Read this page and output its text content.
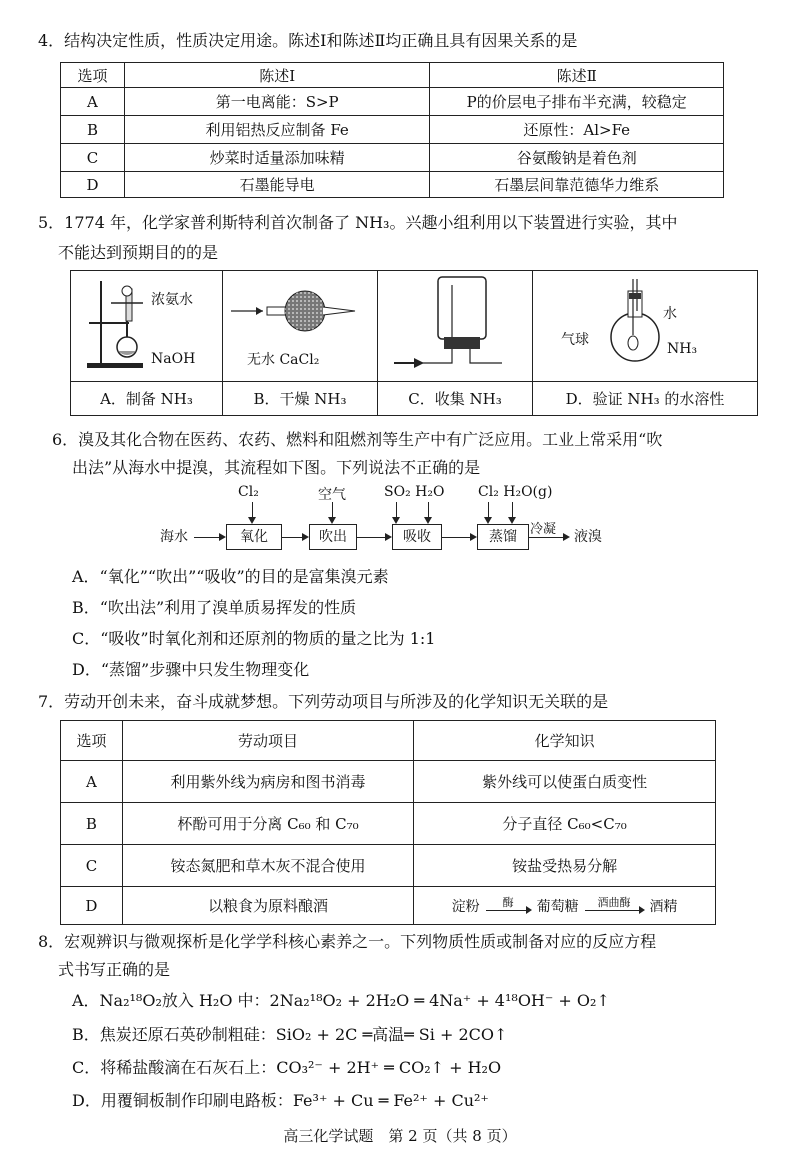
4．结构决定性质，性质决定用途。陈述Ⅰ和陈述Ⅱ均正确且具有因果关系的是
选项	陈述Ⅰ	陈述Ⅱ
A	第一电离能：S>P	P的价层电子排布半充满，较稳定
B	利用铝热反应制备 Fe	还原性：Al>Fe
C	炒菜时适量添加味精	谷氨酸钠是着色剂
D	石墨能导电	石墨层间靠范德华力维系
5．1774 年，化学家普利斯特利首次制备了 NH₃。兴趣小组利用以下装置进行实验，其中
不能达到预期目的的是
浓氨水
NaOH	无水 CaCl₂
水
气球
NH₃
A．制备 NH₃	B．干燥 NH₃	C．收集 NH₃	D．验证 NH₃ 的水溶性
6．溴及其化合物在医药、农药、燃料和阻燃剂等生产中有广泛应用。工业上常采用“吹
出法”从海水中提溴，其流程如下图。下列说法不正确的是
海水	氧化	吹出	吸收	蒸馏	冷凝 液溴
Cl₂	空气	SO₂ H₂O Cl₂ H₂O(g)
A．“氧化”“吹出”“吸收”的目的是富集溴元素
B．“吹出法”利用了溴单质易挥发的性质
C．“吸收”时氧化剂和还原剂的物质的量之比为 1:1
D．“蒸馏”步骤中只发生物理变化
7．劳动开创未来，奋斗成就梦想。下列劳动项目与所涉及的化学知识无关联的是
选项	劳动项目	化学知识
A	利用紫外线为病房和图书消毒	紫外线可以使蛋白质变性
B	杯酚可用于分离 C₆₀ 和 C₇₀	分子直径 C₆₀<C₇₀
C	铵态氮肥和草木灰不混合使用	铵盐受热易分解
D	以粮食为原料酿酒	淀粉 酶 葡萄糖 酒曲酶 酒精
8．宏观辨识与微观探析是化学学科核心素养之一。下列物质性质或制备对应的反应方程
式书写正确的是
A．Na₂¹⁸O₂放入 H₂O 中：2Na₂¹⁸O₂ + 2H₂O ═ 4Na⁺ + 4¹⁸OH⁻ + O₂↑
B．焦炭还原石英砂制粗硅：SiO₂ + 2C ═高温═ Si + 2CO↑
C．将稀盐酸滴在石灰石上：CO₃²⁻ + 2H⁺ ═ CO₂↑ + H₂O
D．用覆铜板制作印刷电路板：Fe³⁺ + Cu ═ Fe²⁺ + Cu²⁺
高三化学试题　第 2 页（共 8 页）
